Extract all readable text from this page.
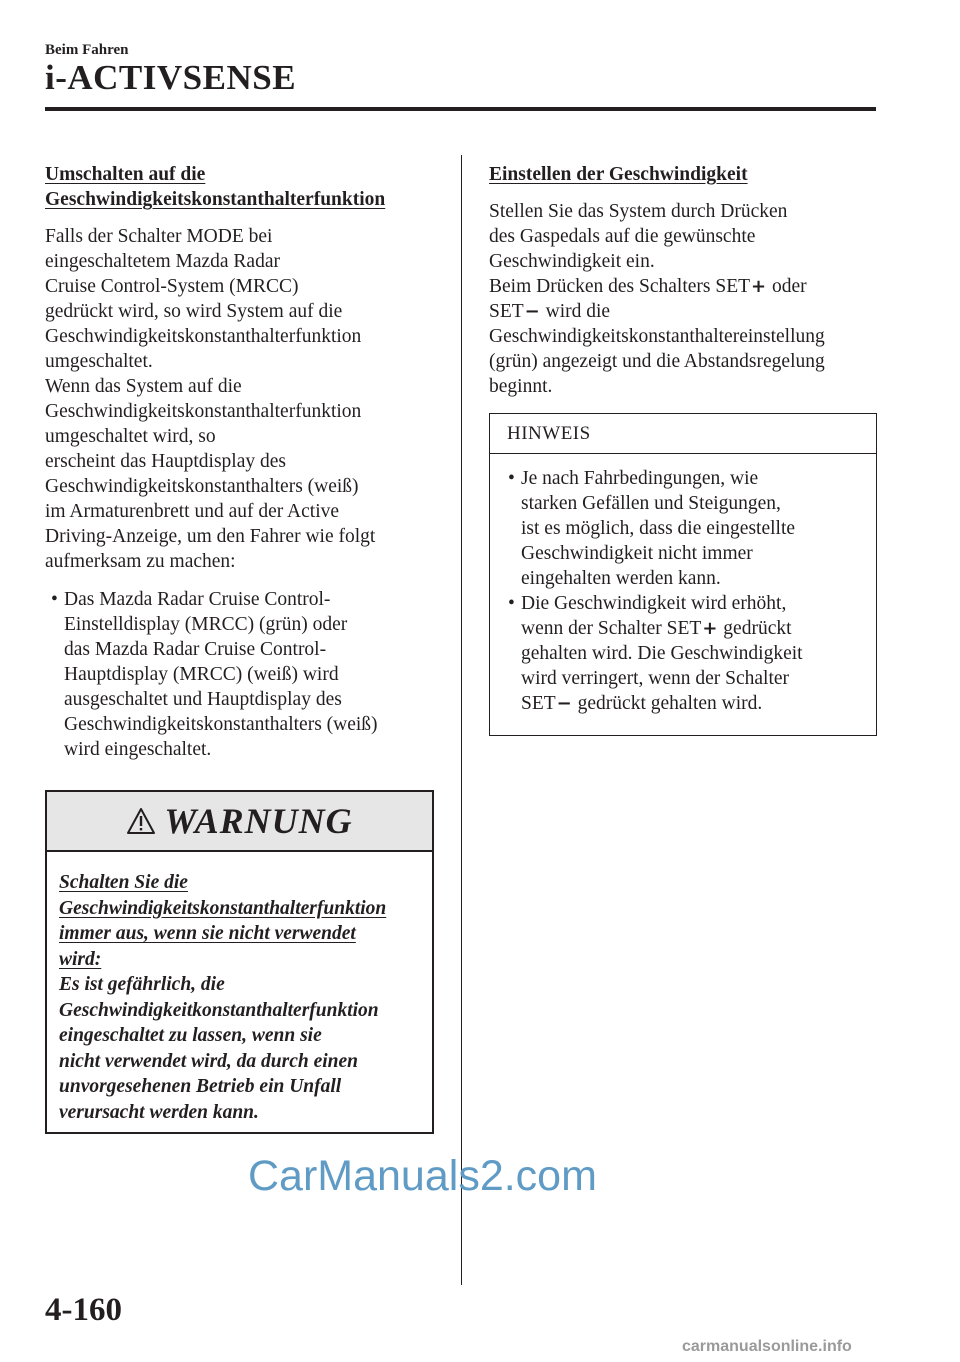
Beim Fahren
i-ACTIVSENSE
Umschalten auf die
Geschwindigkeitskonstanthalterfunktion
Falls der Schalter MODE bei
eingeschaltetem Mazda Radar
Cruise Control-System (MRCC)
gedrückt wird, so wird System auf die
Geschwindigkeitskonstanthalterfunktion
umgeschaltet.
Wenn das System auf die
Geschwindigkeitskonstanthalterfunktion
umgeschaltet wird, so
erscheint das Hauptdisplay des
Geschwindigkeitskonstanthalters (weiß)
im Armaturenbrett und auf der Active
Driving-Anzeige, um den Fahrer wie folgt
aufmerksam zu machen:
• Das Mazda Radar Cruise Control-
Einstelldisplay (MRCC) (grün) oder
das Mazda Radar Cruise Control-
Hauptdisplay (MRCC) (weiß) wird
ausgeschaltet und Hauptdisplay des
Geschwindigkeitskonstanthalters (weiß)
wird eingeschaltet.
WARNUNG
Schalten Sie die
Geschwindigkeitskonstanthalterfunktion
immer aus, wenn sie nicht verwendet
wird:
Es ist gefährlich, die
Geschwindigkeitkonstanthalterfunktion
eingeschaltet zu lassen, wenn sie
nicht verwendet wird, da durch einen
unvorgesehenen Betrieb ein Unfall
verursacht werden kann.
Einstellen der Geschwindigkeit
Stellen Sie das System durch Drücken
des Gaspedals auf die gewünschte
Geschwindigkeit ein.
Beim Drücken des Schalters SET+ oder
SET− wird die
Geschwindigkeitskonstanthaltereinstellung
(grün) angezeigt und die Abstandsregelung
beginnt.
HINWEIS
• Je nach Fahrbedingungen, wie
starken Gefällen und Steigungen,
ist es möglich, dass die eingestellte
Geschwindigkeit nicht immer
eingehalten werden kann.
• Die Geschwindigkeit wird erhöht,
wenn der Schalter SET+ gedrückt
gehalten wird. Die Geschwindigkeit
wird verringert, wenn der Schalter
SET− gedrückt gehalten wird.
CarManuals2.com
4-160
carmanualsonline.info
